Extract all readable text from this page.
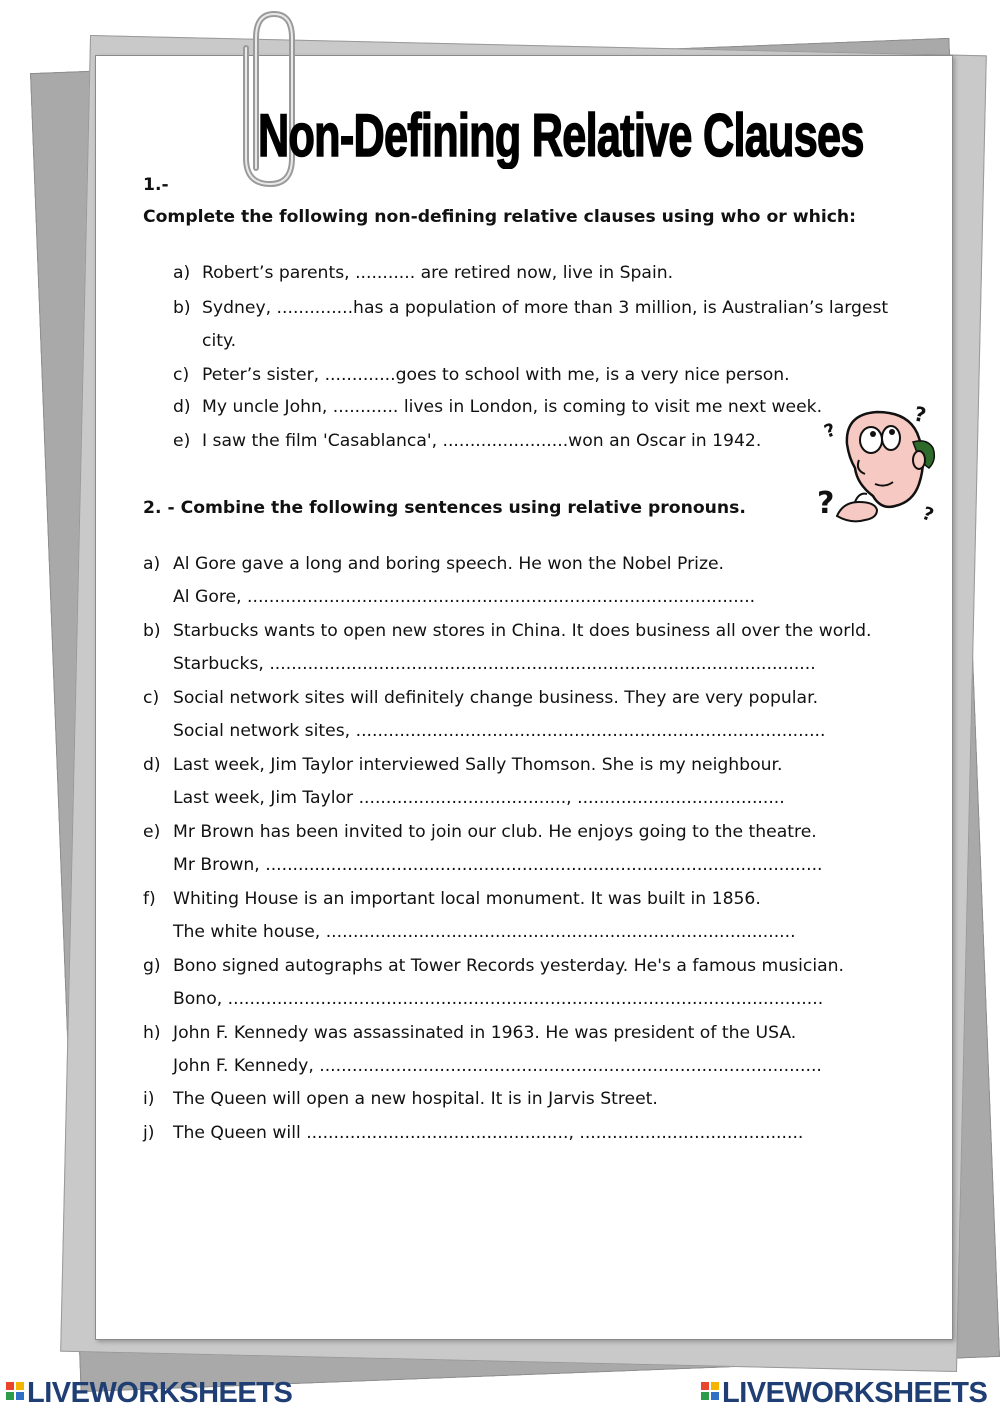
Non-Defining Relative Clauses
1.-
Complete the following non-defining relative clauses using who or which:
a) Robert’s parents, ........... are retired now, live in Spain.
b) Sydney, ..............has a population of more than 3 million, is Australian’s largest
city.
c) Peter’s sister, .............goes to school with me, is a very nice person.
d) My uncle John, ............ lives in London, is coming to visit me next week.
e) I saw the film 'Casablanca', .......................won an Oscar in 1942.
?
?
?	?
2. - Combine the following sentences using relative pronouns.
a) Al Gore gave a long and boring speech. He won the Nobel Prize.
Al Gore, .............................................................................................
b) Starbucks wants to open new stores in China. It does business all over the world.
Starbucks, ....................................................................................................
c) Social network sites will definitely change business. They are very popular.
Social network sites, ......................................................................................
d) Last week, Jim Taylor interviewed Sally Thomson. She is my neighbour.
Last week, Jim Taylor ......................................, ......................................
e) Mr Brown has been invited to join our club. He enjoys going to the theatre.
Mr Brown, ......................................................................................................
f) Whiting House is an important local monument. It was built in 1856.
The white house, ......................................................................................
g) Bono signed autographs at Tower Records yesterday. He's a famous musician.
Bono, .............................................................................................................
h) John F. Kennedy was assassinated in 1963. He was president of the USA.
John F. Kennedy, ............................................................................................
i) The Queen will open a new hospital. It is in Jarvis Street.
j) The Queen will ................................................, .........................................
LIVEWORKSHEETS	LIVEWORKSHEETS
